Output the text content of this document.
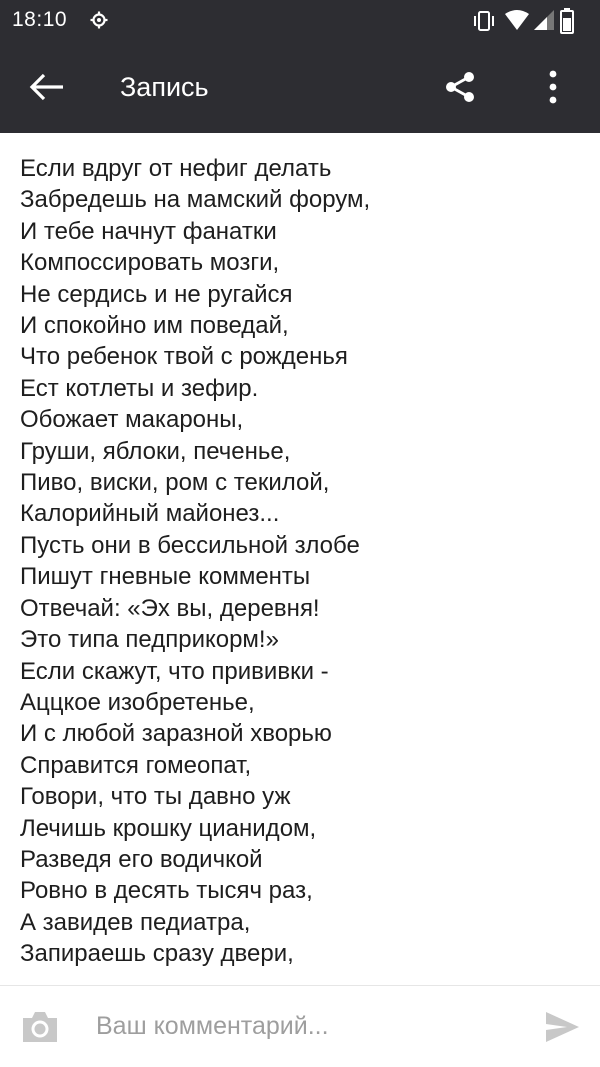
18:10
Запись
Если вдруг от нефиг делать
Забредешь на мамский форум,
И тебе начнут фанатки
Компоссировать мозги,
Не сердись и не ругайся
И спокойно им поведай,
Что ребенок твой с рожденья
Ест котлеты и зефир.
Обожает макароны,
Груши, яблоки, печенье,
Пиво, виски, ром с текилой,
Калорийный майонез...
Пусть они в бессильной злобе
Пишут гневные комменты
Отвечай: «Эх вы, деревня!
Это типа педприкорм!»
Если скажут, что прививки -
Аццкое изобретенье,
И с любой заразной хворью
Справится гомеопат,
Говори, что ты давно уж
Лечишь крошку цианидом,
Разведя его водичкой
Ровно в десять тысяч раз,
А завидев педиатра,
Запираешь сразу двери,
Ваш комментарий...
